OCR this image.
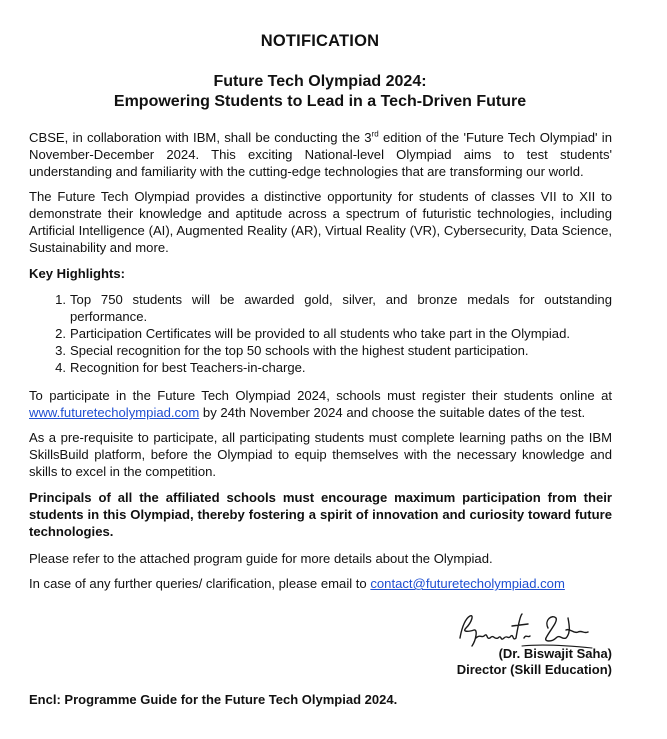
NOTIFICATION
Future Tech Olympiad 2024:
Empowering Students to Lead in a Tech-Driven Future

CBSE, in collaboration with IBM, shall be conducting the 3rd edition of the 'Future Tech Olympiad' in November-December 2024. This exciting National-level Olympiad aims to test students' understanding and familiarity with the cutting-edge technologies that are transforming our world.

The Future Tech Olympiad provides a distinctive opportunity for students of classes VII to XII to demonstrate their knowledge and aptitude across a spectrum of futuristic technologies, including Artificial Intelligence (AI), Augmented Reality (AR), Virtual Reality (VR), Cybersecurity, Data Science, Sustainability and more.

Key Highlights:

1. Top 750 students will be awarded gold, silver, and bronze medals for outstanding performance.
2. Participation Certificates will be provided to all students who take part in the Olympiad.
3. Special recognition for the top 50 schools with the highest student participation.
4. Recognition for best Teachers-in-charge.

To participate in the Future Tech Olympiad 2024, schools must register their students online at www.futuretecholympiad.com by 24th November 2024 and choose the suitable dates of the test.

As a pre-requisite to participate, all participating students must complete learning paths on the IBM SkillsBuild platform, before the Olympiad to equip themselves with the necessary knowledge and skills to excel in the competition.

Principals of all the affiliated schools must encourage maximum participation from their students in this Olympiad, thereby fostering a spirit of innovation and curiosity toward future technologies.

Please refer to the attached program guide for more details about the Olympiad.

In case of any further queries/ clarification, please email to contact@futuretecholympiad.com

(Dr. Biswajit Saha)

Director (Skill Education)

Encl: Programme Guide for the Future Tech Olympiad 2024.
